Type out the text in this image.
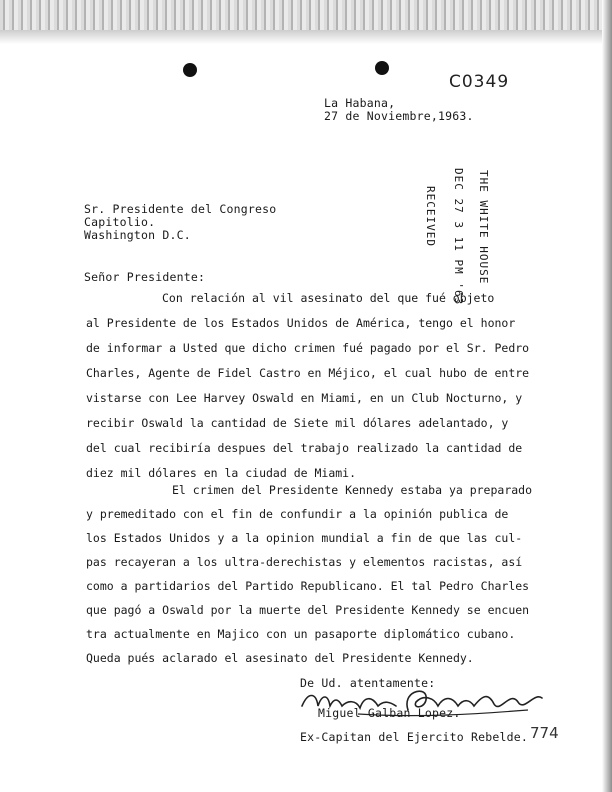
C0349
La Habana,
27 de Noviembre,1963.
THE WHITE HOUSE
DEC 27 3 11 PM '63
RECEIVED
Sr. Presidente del Congreso
Capitolio.
Washington D.C.
Señor Presidente:
Con relación al vil asesinato del que fué objeto
al Presidente de los Estados Unidos de América, tengo el honor
de informar a Usted que dicho crimen fué pagado por el Sr. Pedro
Charles, Agente de Fidel Castro en Méjico, el cual hubo de entre
vistarse con Lee Harvey Oswald en Miami, en un Club Nocturno, y
recibir Oswald la cantidad de Siete mil dólares adelantado, y
del cual recibiría despues del trabajo realizado la cantidad de
diez mil dólares en la ciudad de Miami.
El crimen del Presidente Kennedy estaba ya preparado
y premeditado con el fin de confundir a la opinión publica de
los Estados Unidos y a la opinion mundial a fin de que las cul-
pas recayeran a los ultra-derechistas y elementos racistas, así
como a partidarios del Partido Republicano. El tal Pedro Charles
que pagó a Oswald por la muerte del Presidente Kennedy se encuen
tra actualmente en Majico con un pasaporte diplomático cubano.
Queda pués aclarado el asesinato del Presidente Kennedy.
De Ud. atentamente:
Miguel Galban Lopez.
Ex-Capitan del Ejercito Rebelde. 774
